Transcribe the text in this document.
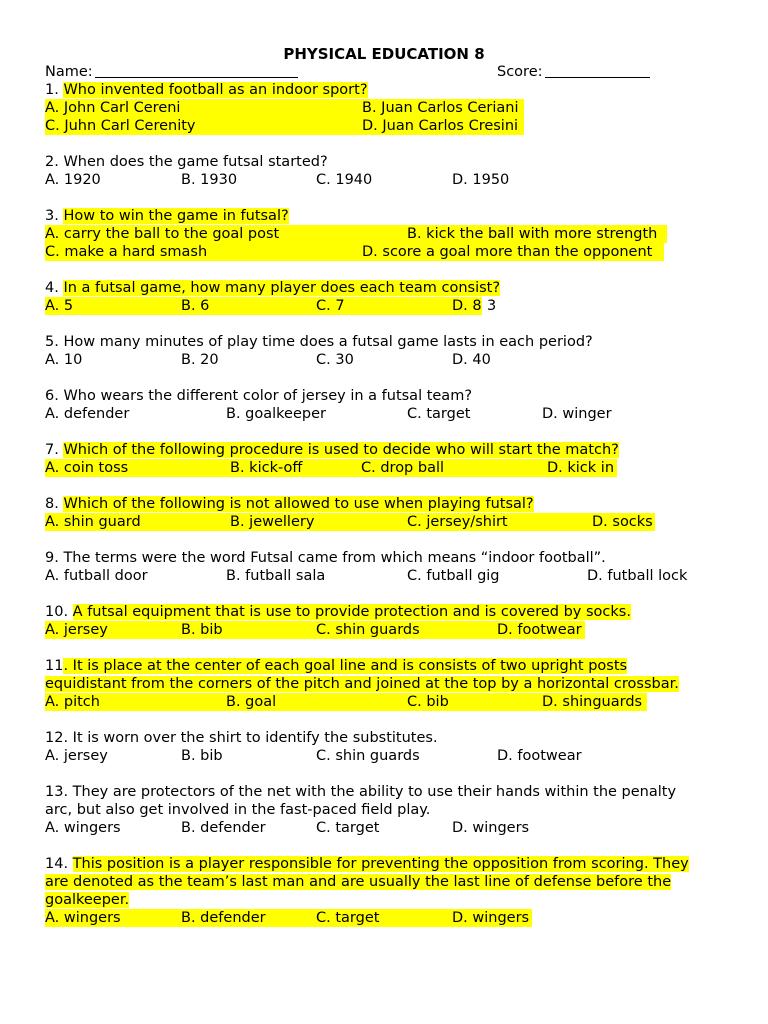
PHYSICAL EDUCATION 8
Name:	Score:
1. Who invented football as an indoor sport?
A. John Carl Cereni	B. Juan Carlos Ceriani
C. Juhn Carl Cerenity	D. Juan Carlos Cresini
2. When does the game futsal started?
A. 1920	B. 1930	C. 1940	D. 1950
3. How to win the game in futsal?
A. carry the ball to the goal post	B. kick the ball with more strength
C. make a hard smash	D. score a goal more than the opponent
4. In a futsal game, how many player does each team consist?
A. 5	B. 6	C. 7	D. 8 3
5. How many minutes of play time does a futsal game lasts in each period?
A. 10	B. 20	C. 30	D. 40
6. Who wears the different color of jersey in a futsal team?
A. defender	B. goalkeeper	C. target	D. winger
7. Which of the following procedure is used to decide who will start the match?
A. coin toss	B. kick-off	C. drop ball	D. kick in
8. Which of the following is not allowed to use when playing futsal?
A. shin guard	B. jewellery	C. jersey/shirt	D. socks
9. The terms were the word Futsal came from which means “indoor football”.
A. futball door	B. futball sala	C. futball gig	D. futball lock
10. A futsal equipment that is use to provide protection and is covered by socks.
A. jersey	B. bib	C. shin guards	D. footwear
11. It is place at the center of each goal line and is consists of two upright posts
equidistant from the corners of the pitch and joined at the top by a horizontal crossbar.
A. pitch	B. goal	C. bib	D. shinguards
12. It is worn over the shirt to identify the substitutes.
A. jersey	B. bib	C. shin guards	D. footwear
13. They are protectors of the net with the ability to use their hands within the penalty
arc, but also get involved in the fast-paced field play.
A. wingers	B. defender	C. target	D. wingers
14. This position is a player responsible for preventing the opposition from scoring. They
are denoted as the team’s last man and are usually the last line of defense before the
goalkeeper.
A. wingers	B. defender	C. target	D. wingers
